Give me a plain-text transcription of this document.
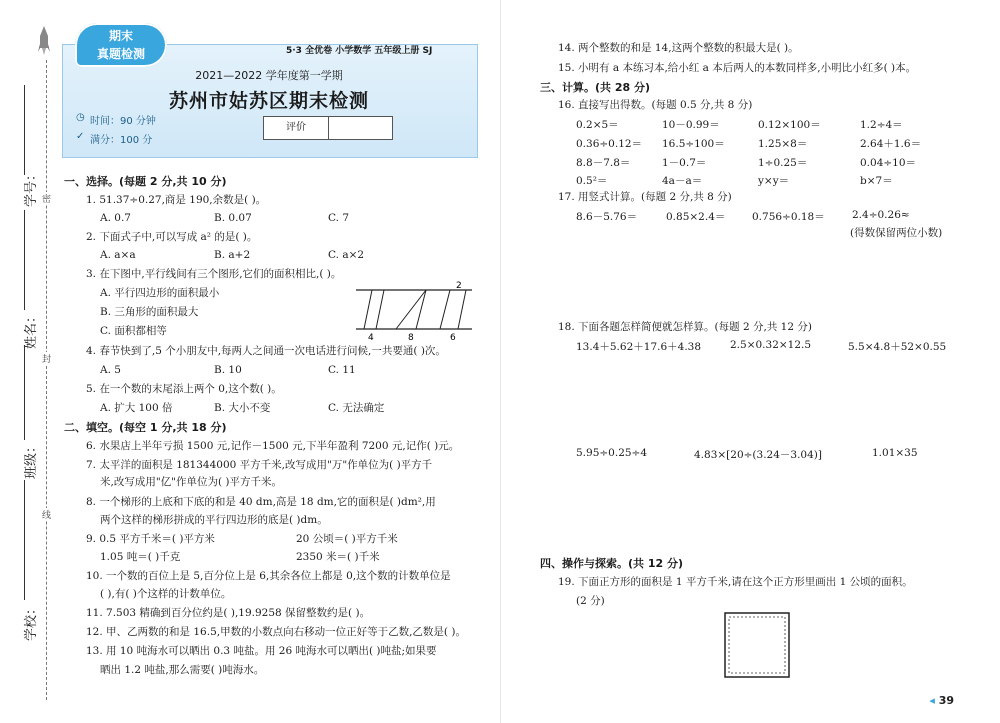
学号：
姓名：
班级：
学校：
密
封
线
期末
真题检测	5·3 全优卷 小学数学 五年级上册 SJ
2021—2022 学年度第一学期
苏州市姑苏区期末检测
◷ 时间：90 分钟
✓ 满分：100 分
评价
一、选择。(每题 2 分,共 10 分)
1. 51.37÷0.27,商是 190,余数是( )。
A. 0.7	B. 0.07	C. 7
2. 下面式子中,可以写成 a² 的是( )。
A. a×a	B. a+2	C. a×2
3. 在下图中,平行线间有三个图形,它们的面积相比,( )。
A. 平行四边形的面积最小
B. 三角形的面积最大
C. 面积都相等
2
4	8	6
4. 春节快到了,5 个小朋友中,每两人之间通一次电话进行问候,一共要通( )次。
A. 5	B. 10	C. 11
5. 在一个数的末尾添上两个 0,这个数( )。
A. 扩大 100 倍	B. 大小不变	C. 无法确定
二、填空。(每空 1 分,共 18 分)
6. 水果店上半年亏损 1500 元,记作－1500 元,下半年盈利 7200 元,记作( )元。
7. 太平洋的面积是 181344000 平方千米,改写成用"万"作单位为( )平方千
米,改写成用"亿"作单位为( )平方千米。
8. 一个梯形的上底和下底的和是 40 dm,高是 18 dm,它的面积是( )dm²,用
两个这样的梯形拼成的平行四边形的底是( )dm。
9. 0.5 平方千米＝( )平方米	20 公顷＝( )平方千米
1.05 吨＝( )千克	2350 米＝( )千米
10. 一个数的百位上是 5,百分位上是 6,其余各位上都是 0,这个数的计数单位是
( ),有( )个这样的计数单位。
11. 7.503 精确到百分位约是( ),19.9258 保留整数约是( )。
12. 甲、乙两数的和是 16.5,甲数的小数点向右移动一位正好等于乙数,乙数是( )。
13. 用 10 吨海水可以晒出 0.3 吨盐。用 26 吨海水可以晒出( )吨盐;如果要
晒出 1.2 吨盐,那么需要( )吨海水。
14. 两个整数的和是 14,这两个整数的积最大是( )。
15. 小明有 a 本练习本,给小红 a 本后两人的本数同样多,小明比小红多( )本。
三、计算。(共 28 分)
16. 直接写出得数。(每题 0.5 分,共 8 分)
0.2×5＝	10－0.99＝	0.12×100＝	1.2÷4＝
0.36÷0.12＝ 16.5÷100＝	1.25×8＝	2.64＋1.6＝
8.8－7.8＝	1－0.7＝	1÷0.25＝	0.04÷10＝
0.5²＝	4a－a＝	y×y＝	b×7＝
17. 用竖式计算。(每题 2 分,共 8 分)
8.6－5.76＝	0.85×2.4＝	0.756÷0.18＝	2.4÷0.26≈
(得数保留两位小数)
18. 下面各题怎样简便就怎样算。(每题 2 分,共 12 分)
13.4＋5.62＋17.6＋4.38	2.5×0.32×12.5	5.5×4.8＋52×0.55
5.95÷0.25÷4	4.83×[20÷(3.24－3.04)]	1.01×35
四、操作与探索。(共 12 分)
19. 下面正方形的面积是 1 平方千米,请在这个正方形里画出 1 公顷的面积。
(2 分)
◂ 39
